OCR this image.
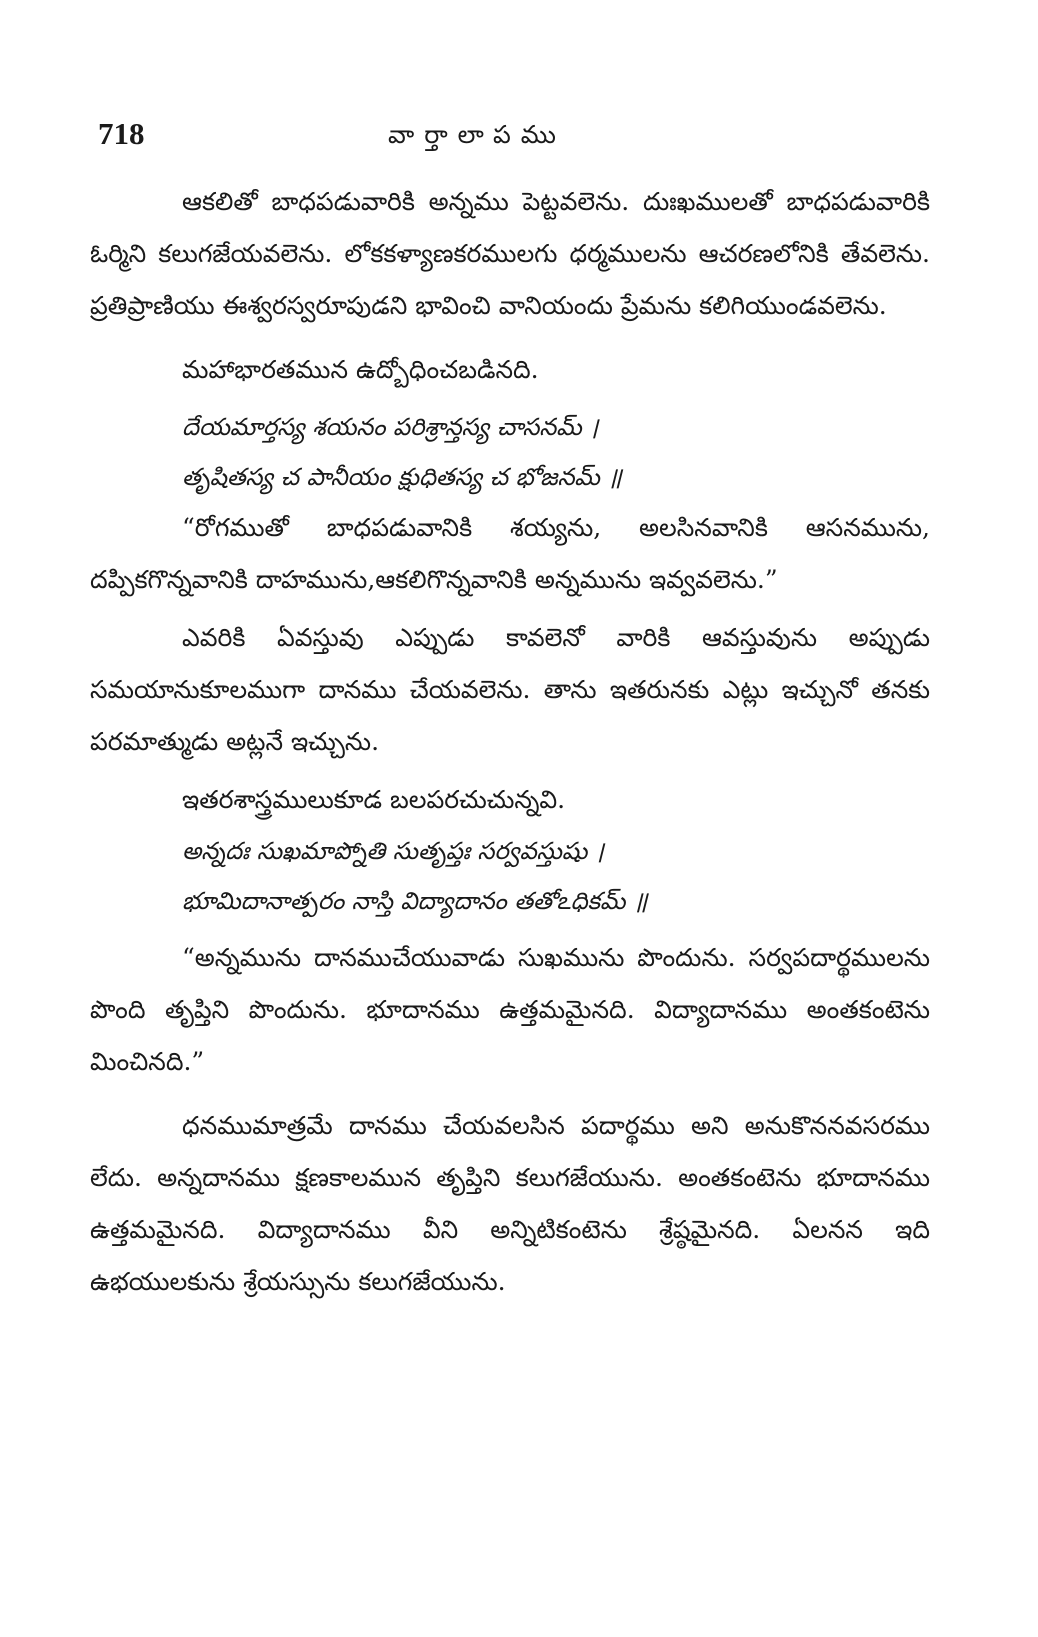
718	వార్తాలాపము

ఆకలితో బాధపడువారికి అన్నము పెట్టవలెను. దుఃఖములతో బాధపడువారికి ఓర్మిని కలుగజేయవలెను. లోకకళ్యాణకరములగు ధర్మములను ఆచరణలోనికి తేవలెను. ప్రతిప్రాణియు ఈశ్వరస్వరూపుడని భావించి వానియందు ప్రేమను కలిగియుండవలెను.

మహాభారతమున ఉద్బోధించబడినది.

దేయమార్తస్య శయనం పరిశ్రాన్తస్య చాసనమ్ ।

తృషితస్య చ పానీయం క్షుధితస్య చ భోజనమ్ ॥

“రోగముతో బాధపడువానికి శయ్యను, అలసినవానికి ఆసనమును, దప్పికగొన్నవానికి దాహమును,ఆకలిగొన్నవానికి అన్నమును ఇవ్వవలెను.”

ఎవరికి ఏవస్తువు ఎప్పుడు కావలెనో వారికి ఆవస్తువును అప్పుడు సమయానుకూలముగా దానము చేయవలెను. తాను ఇతరునకు ఎట్లు ఇచ్చునో తనకు పరమాత్ముడు అట్లనే ఇచ్చును.

ఇతరశాస్త్రములుకూడ బలపరచుచున్నవి.

అన్నదః సుఖమాప్నోతి సుతృప్తః సర్వవస్తుషు ।

భూమిదానాత్పరం నాస్తి విద్యాదానం తతోఽధికమ్ ॥

“అన్నమును దానముచేయువాడు సుఖమును పొందును. సర్వపదార్థములను పొంది తృప్తిని పొందును. భూదానము ఉత్తమమైనది. విద్యాదానము అంతకంటెను మించినది.”

ధనముమాత్రమే దానము చేయవలసిన పదార్థము అని అనుకొననవసరము లేదు. అన్నదానము క్షణకాలమున తృప్తిని కలుగజేయును. అంతకంటెను భూదానము ఉత్తమమైనది. విద్యాదానము వీని అన్నిటికంటెను శ్రేష్ఠమైనది. ఏలనన ఇది ఉభయులకును శ్రేయస్సును కలుగజేయును.
